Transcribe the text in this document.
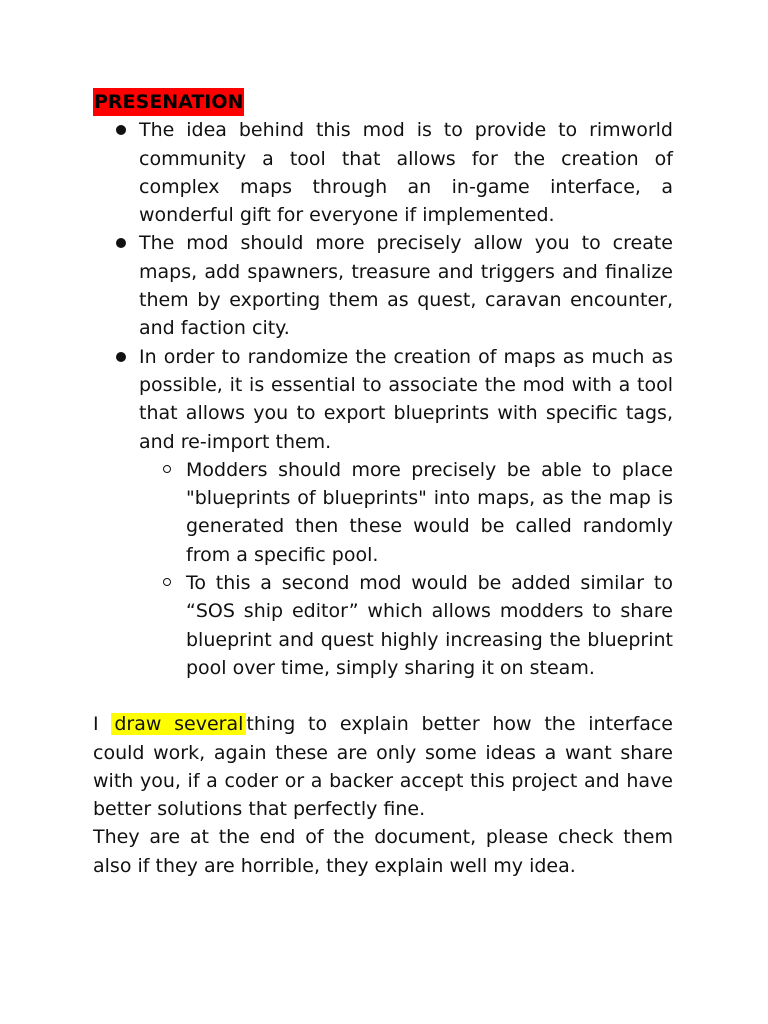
PRESENATION
The idea behind this mod is to provide to rimworld community a tool that allows for the creation of complex maps through an in-game interface, a wonderful gift for everyone if implemented.
The mod should more precisely allow you to create maps, add spawners, treasure and triggers and finalize them by exporting them as quest, caravan encounter, and faction city.
In order to randomize the creation of maps as much as possible, it is essential to associate the mod with a tool that allows you to export blueprints with specific tags, and re-import them.
Modders should more precisely be able to place "blueprints of blueprints" into maps, as the map is generated then these would be called randomly from a specific pool.
To this a second mod would be added similar to “SOS ship editor” which allows modders to share blueprint and quest highly increasing the blueprint pool over time, simply sharing it on steam.

I draw several thing to explain better how the interface could work, again these are only some ideas a want share with you, if a coder or a backer accept this project and have better solutions that perfectly fine.

They are at the end of the document, please check them also if they are horrible, they explain well my idea.
